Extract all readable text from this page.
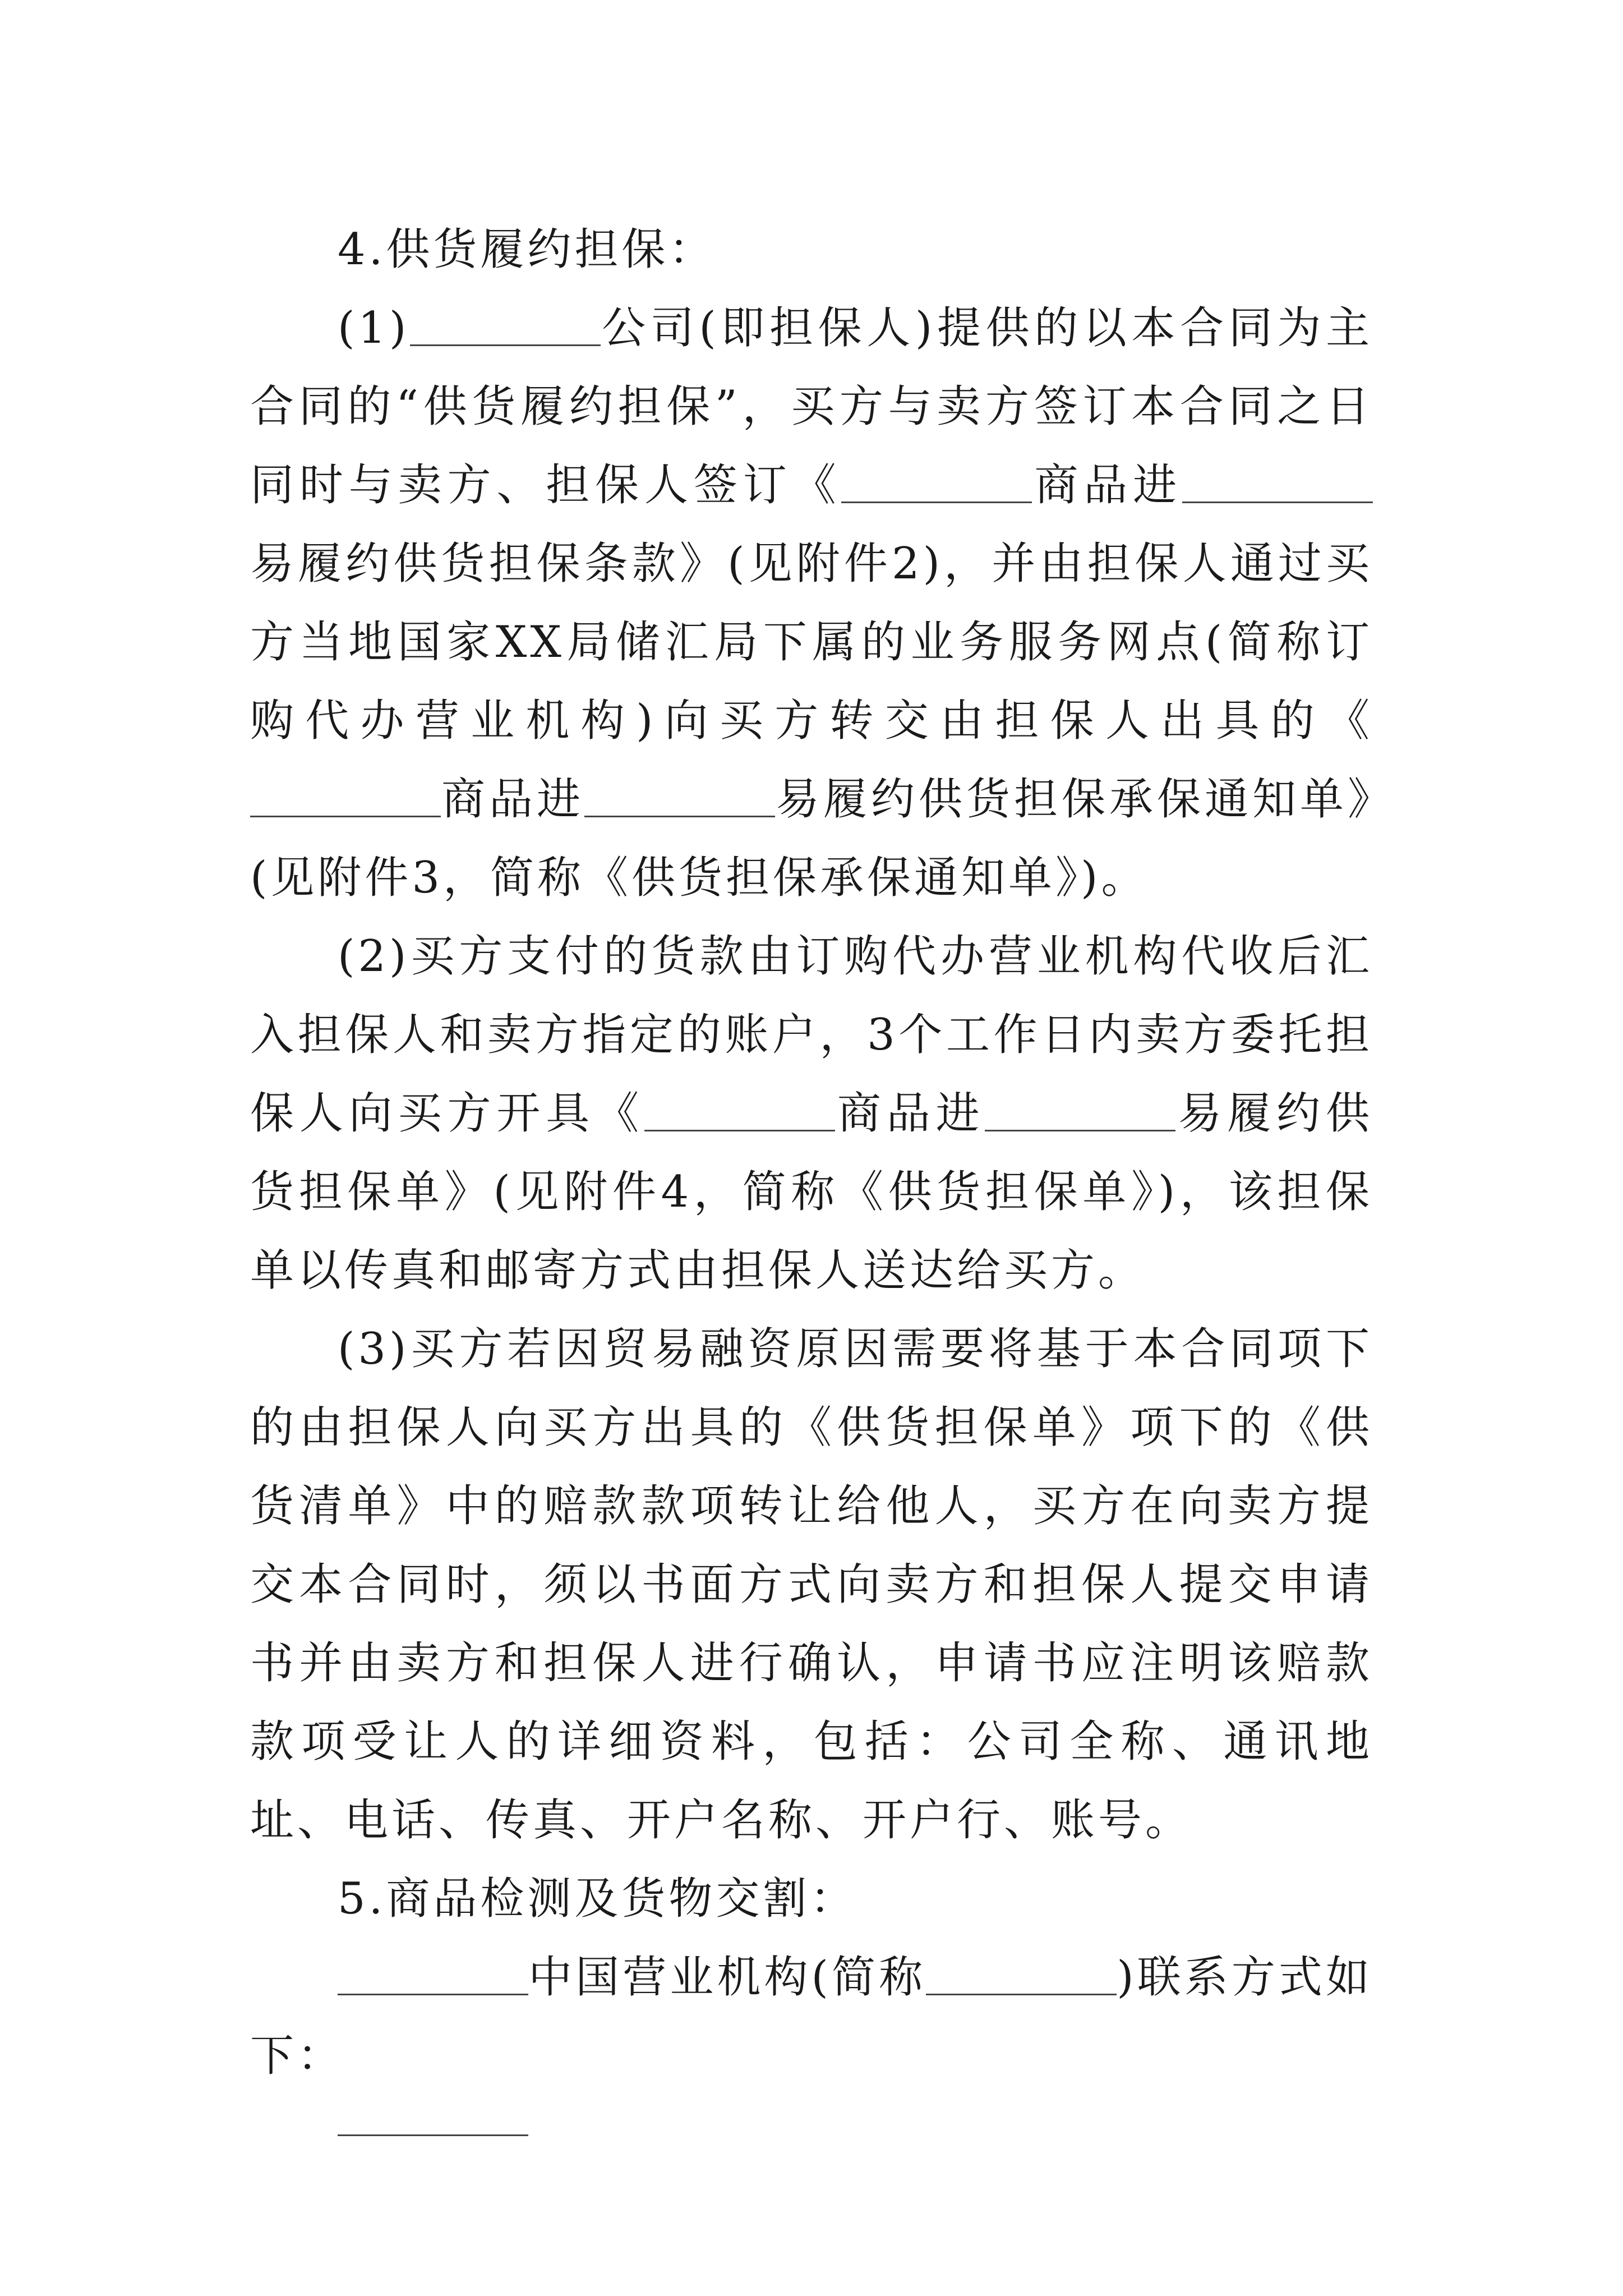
4.供货履约担保：

(1)	公司(即担保人)提供的以本合同为主合同的“供货履约担保”，买方与卖方签订本合同之日同时与卖方、担保人签订《	商品进易履约供货担保条款》(见附件2)，并由担保人通过买方当地国家XX局储汇局下属的业务服务网点(简称订购代办营业机构)向买方转交由担保人出具的《商品进	易履约供货担保承保通知单》(见附件3，简称《供货担保承保通知单》)。

(2)买方支付的货款由订购代办营业机构代收后汇入担保人和卖方指定的账户，3个工作日内卖方委托担保人向买方开具《	商品进	易履约供货担保单》(见附件4，简称《供货担保单》)，该担保单以传真和邮寄方式由担保人送达给买方。

(3)买方若因贸易融资原因需要将基于本合同项下的由担保人向买方出具的《供货担保单》项下的《供货清单》中的赔款款项转让给他人，买方在向卖方提交本合同时，须以书面方式向卖方和担保人提交申请书并由卖方和担保人进行确认，申请书应注明该赔款款项受让人的详细资料，包括：公司全称、通讯地址、电话、传真、开户名称、开户行、账号。

5.商品检测及货物交割：

中国营业机构(简称	)联系方式如下：
